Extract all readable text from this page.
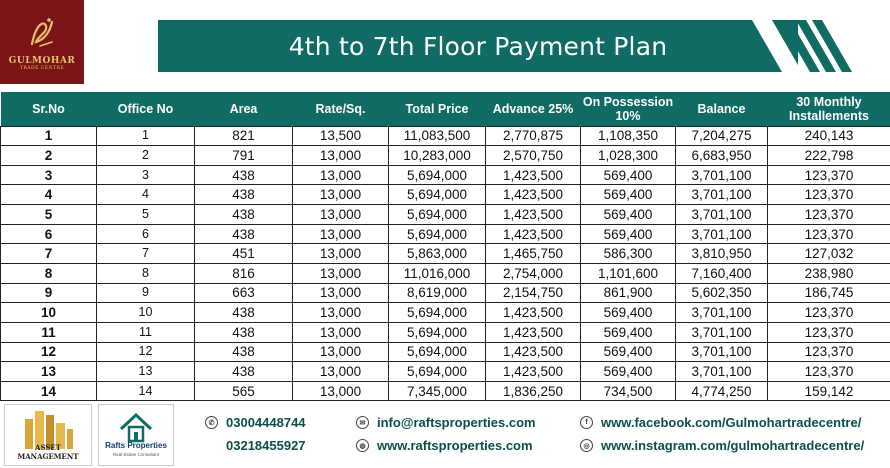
GULMOHAR
TRADE CENTRE
4th to 7th Floor Payment Plan
Sr.No	Office No	Area	Rate/Sq.	Total Price	Advance 25%	On Possession 10%	Balance	30 Monthly Installements
1	1	821	13,500	11,083,500	2,770,875	1,108,350	7,204,275	240,143
2	2	791	13,000	10,283,000	2,570,750	1,028,300	6,683,950	222,798
3	3	438	13,000	5,694,000	1,423,500	569,400	3,701,100	123,370
4	4	438	13,000	5,694,000	1,423,500	569,400	3,701,100	123,370
5	5	438	13,000	5,694,000	1,423,500	569,400	3,701,100	123,370
6	6	438	13,000	5,694,000	1,423,500	569,400	3,701,100	123,370
7	7	451	13,000	5,863,000	1,465,750	586,300	3,810,950	127,032
8	8	816	13,000	11,016,000	2,754,000	1,101,600	7,160,400	238,980
9	9	663	13,000	8,619,000	2,154,750	861,900	5,602,350	186,745
10	10	438	13,000	5,694,000	1,423,500	569,400	3,701,100	123,370
11	11	438	13,000	5,694,000	1,423,500	569,400	3,701,100	123,370
12	12	438	13,000	5,694,000	1,423,500	569,400	3,701,100	123,370
13	13	438	13,000	5,694,000	1,423,500	569,400	3,701,100	123,370
14	14	565	13,000	7,345,000	1,836,250	734,500	4,774,250	159,142
ASSET MANAGEMENT
Rafts Properties
Real Estate Consultant
✆ 03004448744
03218455927
✉ info@raftsproperties.com
◍ www.raftsproperties.com
f	www.facebook.com/Gulmohartradecentre/
◎ www.instagram.com/gulmohartradecentre/
